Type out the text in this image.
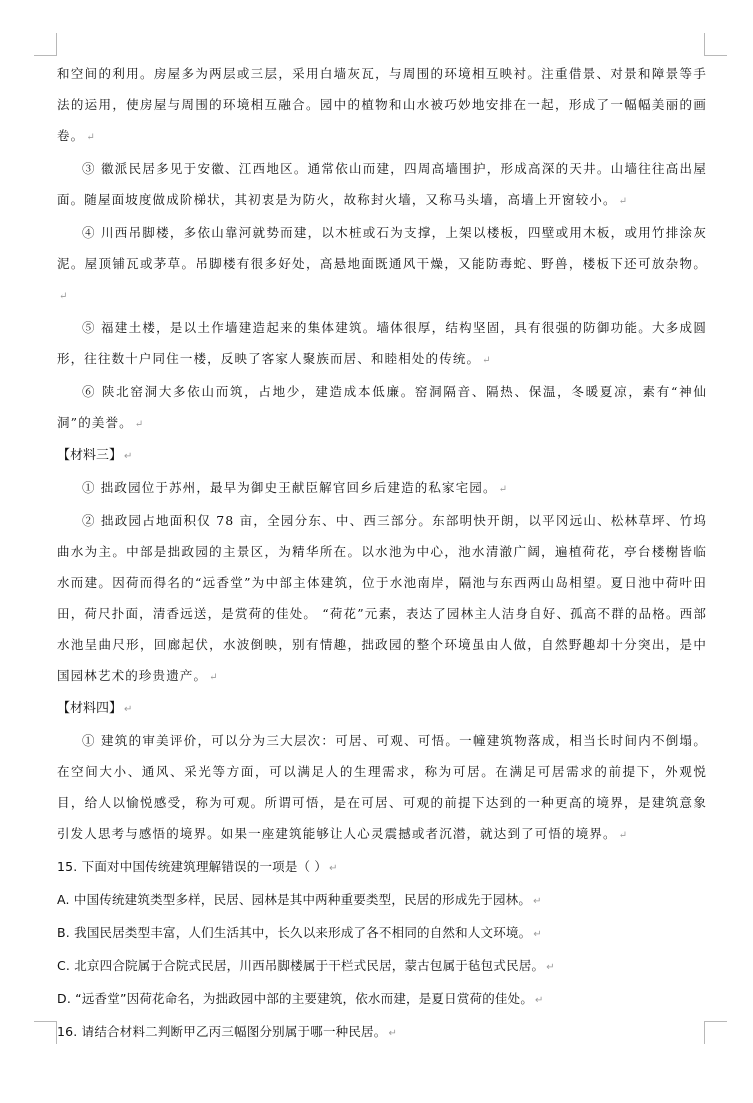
和空间的利用。房屋多为两层或三层，采用白墙灰瓦，与周围的环境相互映衬。注重借景、对景和障景等手法的运用，使房屋与周围的环境相互融合。园中的植物和山水被巧妙地安排在一起，形成了一幅幅美丽的画卷。 ↵

③ 徽派民居多见于安徽、江西地区。通常依山而建，四周高墙围护，形成高深的天井。山墙往往高出屋面。随屋面坡度做成阶梯状，其初衷是为防火，故称封火墙，又称马头墙，高墙上开窗较小。 ↵

④ 川西吊脚楼，多依山靠河就势而建，以木桩或石为支撑，上架以楼板，四壁或用木板，或用竹排涂灰泥。屋顶铺瓦或茅草。吊脚楼有很多好处，高悬地面既通风干燥，又能防毒蛇、野兽，楼板下还可放杂物。↵

⑤ 福建土楼，是以土作墙建造起来的集体建筑。墙体很厚，结构坚固，具有很强的防御功能。大多成圆形，往往数十户同住一楼，反映了客家人聚族而居、和睦相处的传统。 ↵

⑥ 陕北窑洞大多依山而筑，占地少，建造成本低廉。窑洞隔音、隔热、保温，冬暖夏凉，素有“神仙洞”的美誉。 ↵

【材料三】 ↵

① 拙政园位于苏州，最早为御史王献臣解官回乡后建造的私家宅园。 ↵

② 拙政园占地面积仅 78 亩，全园分东、中、西三部分。东部明快开朗，以平冈远山、松林草坪、竹坞曲水为主。中部是拙政园的主景区，为精华所在。以水池为中心，池水清澈广阔，遍植荷花，亭台楼榭皆临水而建。因荷而得名的“远香堂”为中部主体建筑，位于水池南岸，隔池与东西两山岛相望。夏日池中荷叶田田，荷尺扑面，清香远送，是赏荷的佳处。 “荷花”元素，表达了园林主人洁身自好、孤高不群的品格。西部水池呈曲尺形，回廊起伏，水波倒映，别有情趣，拙政园的整个环境虽由人做，自然野趣却十分突出，是中国园林艺术的珍贵遗产。 ↵

【材料四】 ↵

① 建筑的审美评价，可以分为三大层次：可居、可观、可悟。一幢建筑物落成，相当长时间内不倒塌。在空间大小、通风、采光等方面，可以满足人的生理需求，称为可居。在满足可居需求的前提下，外观悦目，给人以愉悦感受，称为可观。所谓可悟，是在可居、可观的前提下达到的一种更高的境界，是建筑意象引发人思考与感悟的境界。如果一座建筑能够让人心灵震撼或者沉潜，就达到了可悟的境界。 ↵

15. 下面对中国传统建筑理解错误的一项是（ ） ↵

A. 中国传统建筑类型多样，民居、园林是其中两种重要类型，民居的形成先于园林。 ↵

B. 我国民居类型丰富，人们生活其中，长久以来形成了各不相同的自然和人文环境。 ↵

C. 北京四合院属于合院式民居，川西吊脚楼属于干栏式民居，蒙古包属于毡包式民居。 ↵

D. “远香堂”因荷花命名，为拙政园中部的主要建筑，依水而建，是夏日赏荷的佳处。 ↵

16. 请结合材料二判断甲乙丙三幅图分别属于哪一种民居。 ↵
